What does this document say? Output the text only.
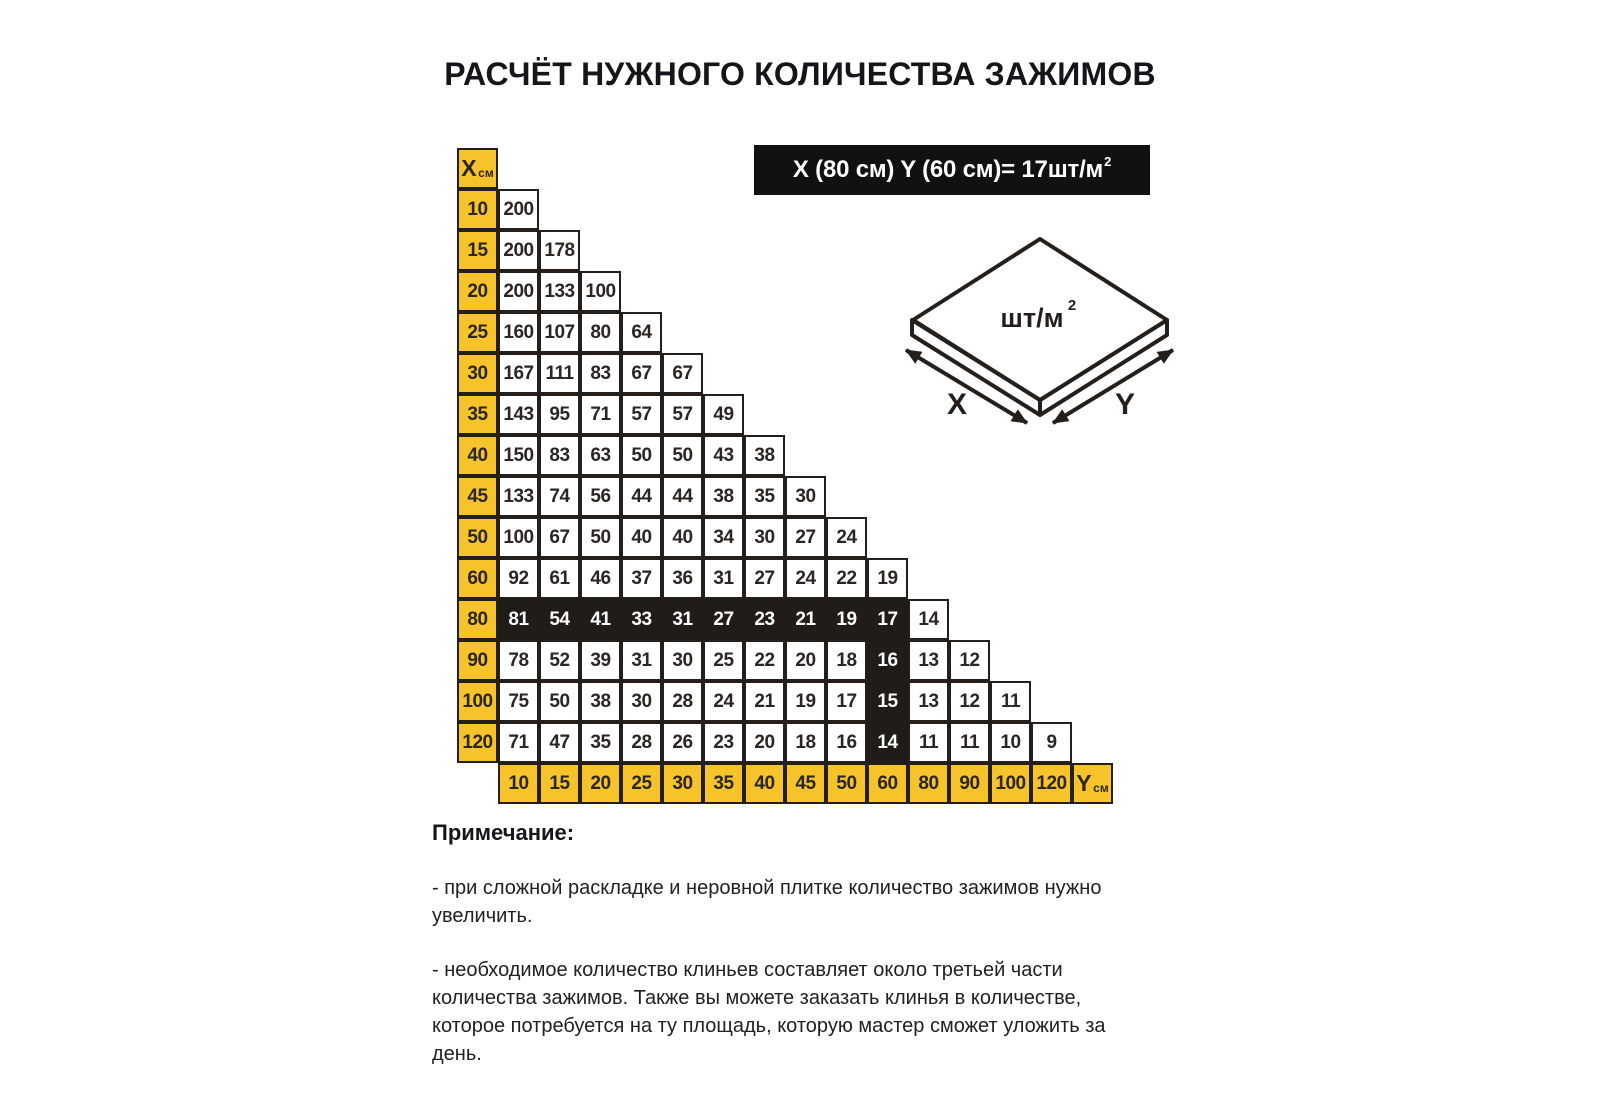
РАСЧЁТ НУЖНОГО КОЛИЧЕСТВА ЗАЖИМОВ
X (80 см) Y (60 $см)= 17шт/м^2$
шт/м 2
X	Y
X см
10 200
15 200 178
20 200 133 100
25 160 107 80	64
30 167 111 83	67	67
35 143 95	71	57	57	49
40 150 83	63	50	50	43	38
45 133 74	56	44	44	38	35	30
50 100 67	50	40	40	34	30	27	24
60	92	61	46	37	36	31	27	24	22	19
80	81	54	41	33	31	27	23	21	19	17	14
90	78	52	39	31	30	25	22	20	18	16	13	12
100 75	50	38	30	28	24	21	19	17	15	13	12	11
120 71	47	35	28	26	23	20	18	16	14	11	11	10	9
10	15	20	25	30	35	40	45	50	60	80	90 100 120 Y см
Примечание:

- при сложной раскладке и неровной плитке количество зажимов нужно увеличить.

- необходимое количество клиньев составляет около третьей части количества зажимов. Также вы можете заказать клинья в количестве, которое потребуется на ту площадь, которую мастер сможет уложить за день.
